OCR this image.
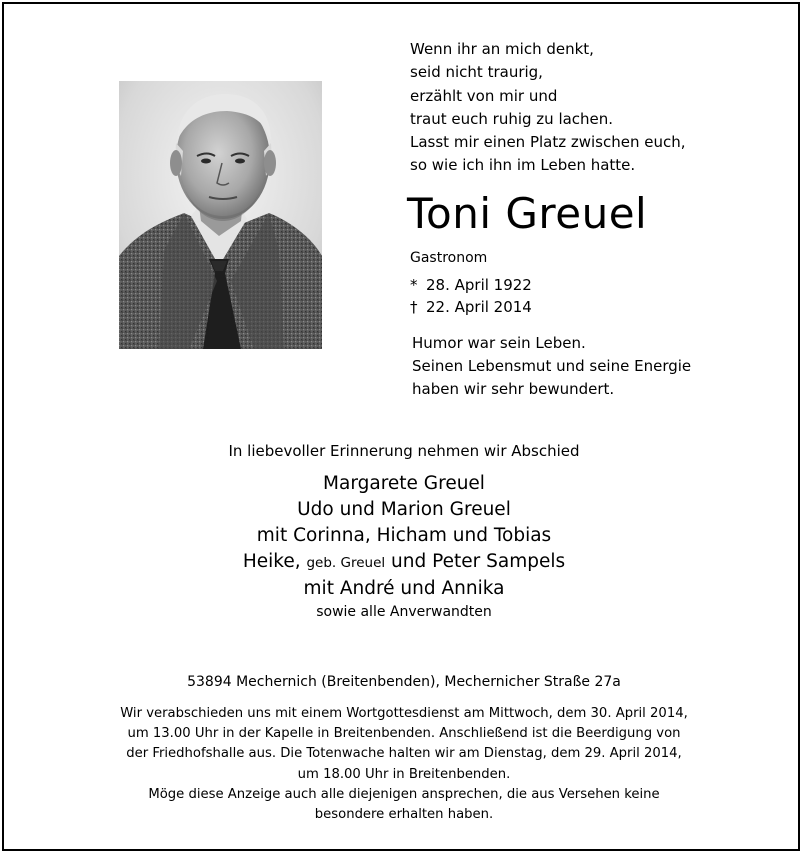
Wenn ihr an mich denkt,
seid nicht traurig,
erzählt von mir und
traut euch ruhig zu lachen.
Lasst mir einen Platz zwischen euch,
so wie ich ihn im Leben hatte.
Toni Greuel
Gastronom
* 28. April 1922
† 22. April 2014
Humor war sein Leben.
Seinen Lebensmut und seine Energie
haben wir sehr bewundert.
In liebevoller Erinnerung nehmen wir Abschied
Margarete Greuel
Udo und Marion Greuel
mit Corinna, Hicham und Tobias
Heike, geb. Greuel und Peter Sampels
mit André und Annika
sowie alle Anverwandten
53894 Mechernich (Breitenbenden), Mechernicher Straße 27a
Wir verabschieden uns mit einem Wortgottesdienst am Mittwoch, dem 30. April 2014,
um 13.00 Uhr in der Kapelle in Breitenbenden. Anschließend ist die Beerdigung von
der Friedhofshalle aus. Die Totenwache halten wir am Dienstag, dem 29. April 2014,
um 18.00 Uhr in Breitenbenden.
Möge diese Anzeige auch alle diejenigen ansprechen, die aus Versehen keine
besondere erhalten haben.
